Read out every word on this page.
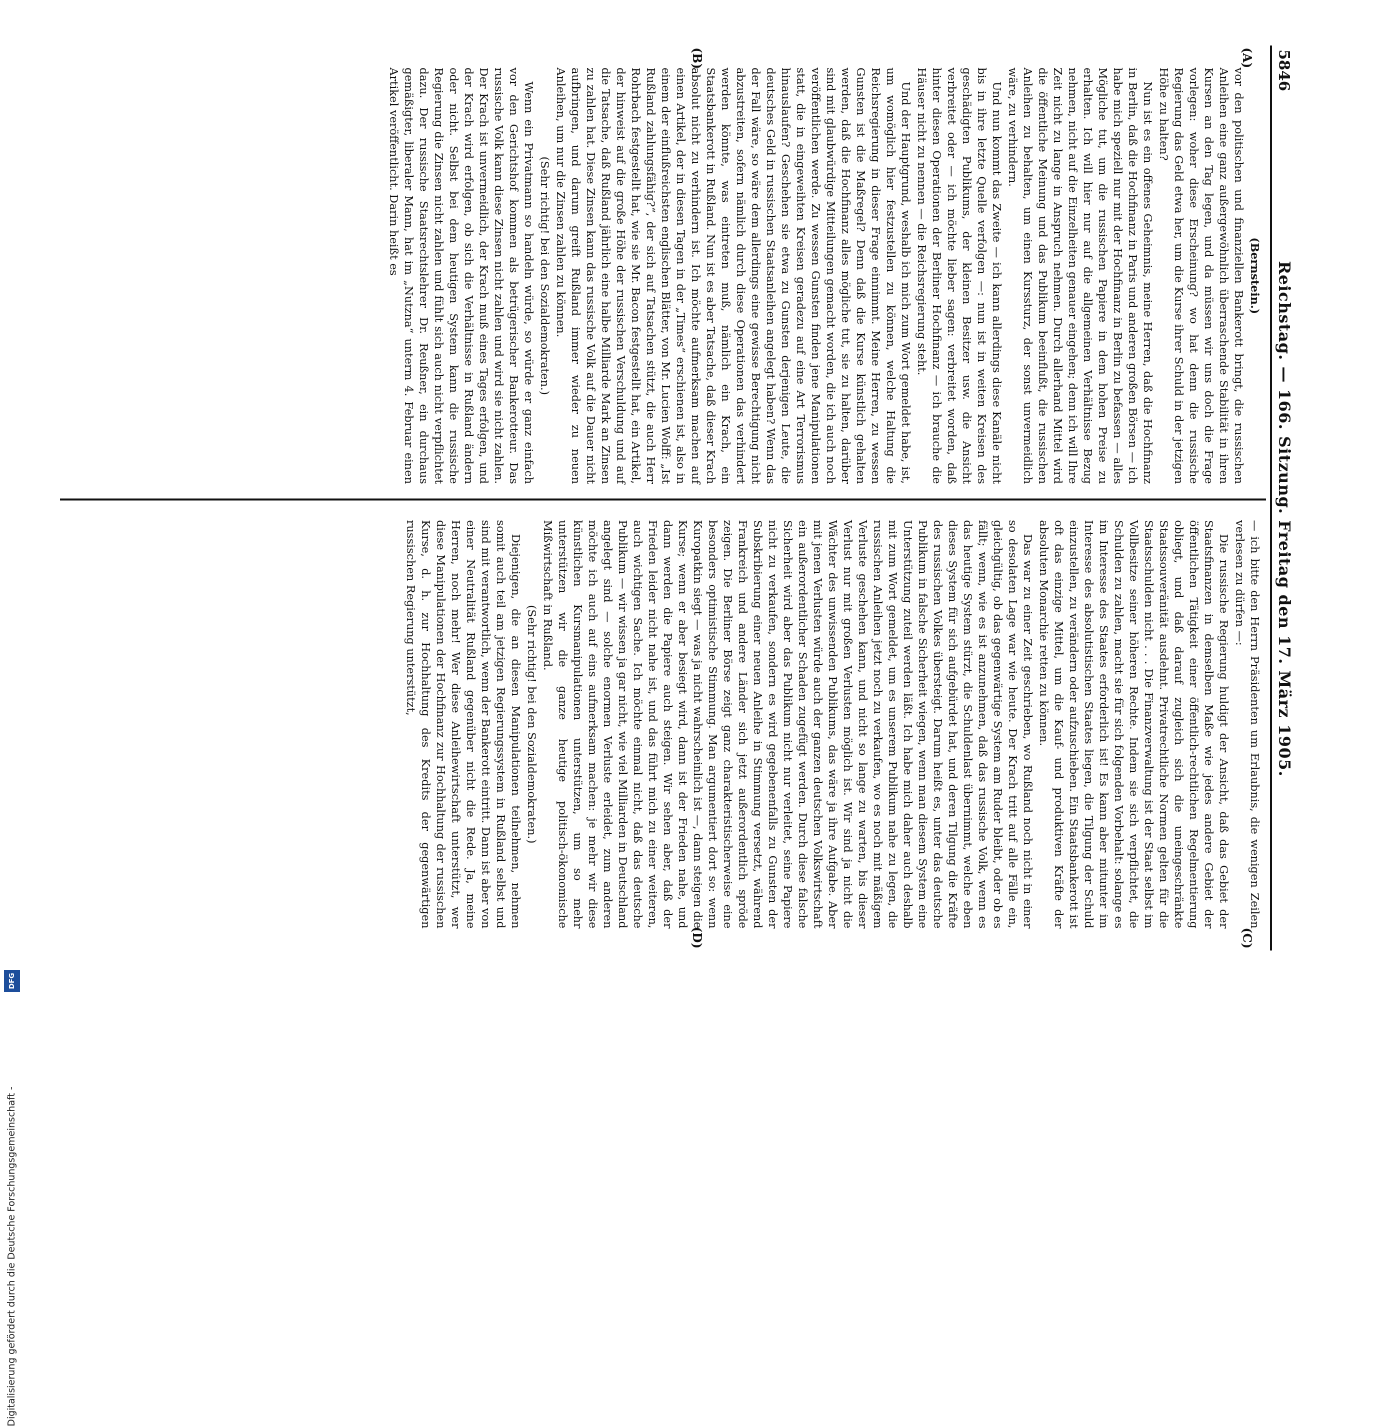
5846
Reichstag. — 166. Sitzung. Freitag den 17. März 1905.
(A)
(B)

(Bernstein.)

vor den politischen und finanziellen Bankerott bringt, die russischen Anleihen eine ganz außergewöhnlich überraschende Stabilität in ihren Kursen an den Tag legen, und da müssen wir uns doch die Frage vorlegen: woher diese Erscheinung? wo hat denn die russische Regierung das Geld etwa her, um die Kurse ihrer Schuld in der jetzigen Höhe zu halten?

Nun ist es ein offenes Geheimnis, meine Herren, daß die Hochfinanz in Berlin, daß die Hochfinanz in Paris und anderen großen Börsen — ich habe mich speziell nur mit der Hochfinanz in Berlin zu befassen — alles Mögliche tut, um die russischen Papiere in dem hohen Preise zu erhalten. Ich will hier nur auf die allgemeinen Verhältnisse Bezug nehmen, nicht auf die Einzelheiten genauer eingehen; denn ich will Ihre Zeit nicht zu lange in Anspruch nehmen. Durch allerhand Mittel wird die öffentliche Meinung und das Publikum beeinflußt, die russischen Anleihen zu behalten, um einen Kurssturz, der sonst unvermeidlich wäre, zu verhindern.

Und nun kommt das Zweite — ich kann allerdings diese Kanäle nicht bis in ihre letzte Quelle verfolgen —: nun ist in weiten Kreisen des geschädigten Publikums, der kleinen Besitzer usw. die Ansicht verbreitet oder — ich möchte lieber sagen: verbreitet worden, daß hinter diesen Operationen der Berliner Hochfinanz — ich brauche die Häuser nicht zu nennen — die Reichsregierung steht.

Und der Hauptgrund, weshalb ich mich zum Wort gemeldet habe, ist, um womöglich hier festzustellen zu können, welche Haltung die Reichsregierung in dieser Frage einnimmt. Meine Herren, zu wessen Gunsten ist die Maßregel? Denn daß die Kurse künstlich gehalten werden, daß die Hochfinanz alles mögliche tut, sie zu halten, darüber sind mit glaubwürdige Mitteilungen gemacht worden, die ich auch noch veröffentlichen werde. Zu wessen Gunsten finden jene Manipulationen statt, die in eingeweihten Kreisen geradezu auf eine Art Terrorismus hinauslaufen? Geschehen sie etwa zu Gunsten derjenigen Leute, die deutsches Geld in russischen Staatsanleihen angelegt haben? Wenn das der Fall wäre, so wäre dem allerdings eine gewisse Berechtigung nicht abzustreiten, sofern nämlich durch diese Operationen das verhindert werden könnte, was eintreten muß, nämlich ein Krach, ein Staatsbankerott in Rußland. Nun ist es aber Tatsache, daß dieser Krach absolut nicht zu verhindern ist. Ich möchte aufmerksam machen auf einen Artikel, der in diesen Tagen in der „Times“ erschienen ist, also in einem der einflußreichsten englischen Blätter, von Mr. Lucien Wolff: „Ist Rußland zahlungsfähig?“, der sich auf Tatsachen stützt, die auch Herr Rohrbach festgestellt hat, wie sie Mr. Bacon festgestellt hat, ein Artikel, der hinweist auf die große Höhe der russischen Verschuldung und auf die Tatsache, daß Rußland jährlich eine halbe Milliarde Mark an Zinsen zu zahlen hat. Diese Zinsen kann das russische Volk auf die Dauer nicht aufbringen, und darum greift Rußland immer wieder zu neuen Anleihen, um nur die Zinsen zahlen zu können.

(Sehr richtig! bei den Sozialdemokraten.)

Wenn ein Privatmann so handeln würde, so würde er ganz einfach vor den Gerichtshof kommen als betrügerischer Bankerotteur. Das russische Volk kann diese Zinsen nicht zahlen und wird sie nicht zahlen. Der Krach ist unvermeidlich, der Krach muß eines Tages erfolgen, und der Krach wird erfolgen, ob sich die Verhältnisse in Rußland ändern oder nicht. Selbst bei dem heutigen System kann die russische Regierung die Zinsen nicht zahlen und fühlt sich auch nicht verpflichtet dazu. Der russische Staatsrechtslehrer Dr. Reußner, ein durchaus gemäßigter, liberaler Mann, hat im „Nutzna“ unterm 4. Februar einen Artikel veröffentlicht. Darin heißt es

(C)
(D)

— ich bitte den Herrn Präsidenten um Erlaubnis, die wenigen Zeilen verlesen zu dürfen —:

Die russische Regierung huldigt der Ansicht, daß das Gebiet der Staatsfinanzen in demselben Maße wie jedes andere Gebiet der öffentlichen Tätigkeit einer öffentlich-rechtlichen Regelmentierung obliegt, und daß darauf zugleich sich die uneingeschränkte Staatssouveränität ausdehnt. Privatrechtliche Normen gelten für die Staatsschulden nicht . . . Die Finanzverwaltung ist der Staat selbst im Vollbesitze seiner höheren Rechte. Indem sie sich verpflichtet, die Schulden zu zahlen, macht sie für sich folgenden Vorbehalt: solange es im Interesse des Staates erforderlich ist! Es kann aber mitunter im Interesse des absolutistischen Staates liegen, die Tilgung der Schuld einzustellen, zu verändern oder aufzuschieben. Ein Staatsbankerott ist oft das einzige Mittel, um die Kauf- und produktiven Kräfte der absoluten Monarchie retten zu können.

Das war zu einer Zeit geschrieben, wo Rußland noch nicht in einer so desolaten Lage war wie heute. Der Krach tritt auf alle Fälle ein, gleichgültig, ob das gegenwärtige System am Ruder bleibt, oder ob es fällt; wenn, wie es ist anzunehmen, daß das russische Volk, wenn es das heutige System stürzt, die Schuldenlast übernimmt, welche eben dieses System für sich aufgebürdet hat, und deren Tilgung die Kräfte des russischen Volkes übersteigt. Darum heißt es, unter das deutsche Publikum in falsche Sicherheit wiegen, wenn man diesem System eine Unterstützung zuteil werden läßt. Ich habe mich daher auch deshalb mit zum Wort gemeldet, um es unserem Publikum nahe zu legen, die russischen Anleihen jetzt noch zu verkaufen, wo es noch mit mäßigem Verluste geschehen kann, und nicht so lange zu warten, bis dieser Verlust nur mit großen Verlusten möglich ist. Wir sind ja nicht die Wächter des unwissenden Publikums, das wäre ja ihre Aufgabe. Aber mit jenen Verlusten würde auch der ganzen deutschen Volkswirtschaft ein außerordentlicher Schaden zugefügt werden. Durch diese falsche Sicherheit wird aber das Publikum nicht nur verleitet, seine Papiere nicht zu verkaufen, sondern es wird gegebenenfalls zu Gunsten der Subskribierung einer neuen Anleihe in Stimmung versetzt, während Frankreich und andere Länder sich jetzt außerordentlich spröde zeigen. Die Berliner Börse zeigt ganz charakteristischerweise eine besonders optimistische Stimmung. Man argumentiert dort so: wenn Kuropatkin siegt — was ja nicht wahrscheinlich ist —, dann steigen die Kurse; wenn er aber besiegt wird, dann ist der Frieden nahe, und dann werden die Papiere auch steigen. Wir sehen aber, daß der Frieden leider nicht nahe ist, und das führt mich zu einer weiteren, auch wichtigen Sache. Ich möchte einmal nicht, daß das deutsche Publikum — wir wissen ja gar nicht, wie viel Milliarden in Deutschland angelegt sind — solche enormen Verluste erleidet, zum anderen möchte ich auch auf eins aufmerksam machen: je mehr wir diese künstlichen Kursmanipulationen unterstützen, um so mehr unterstützen wir die ganze heutige politisch-ökonomische Mißwirtschaft in Rußland.

(Sehr richtig! bei den Sozialdemokraten.)

Diejenigen, die an diesen Manipulationen teilnehmen, nehmen somit auch teil am jetzigen Regierungssystem in Rußland selbst und sind mit verantwortlich, wenn der Bankerott eintritt. Dann ist aber von einer Neutralität Rußland gegenüber nicht die Rede. Ja, meine Herren, noch mehr! Wer diese Anleihewirtschaft unterstützt, wer diese Manipulationen der Hochfinanz zur Hochhaltung der russischen Kurse, d. h. zur Hochhaltung des Kredits der gegenwärtigen russischen Regierung unterstützt,

Digitalisierung gefördert durch die Deutsche Forschungsgemeinschaft -
DFG
